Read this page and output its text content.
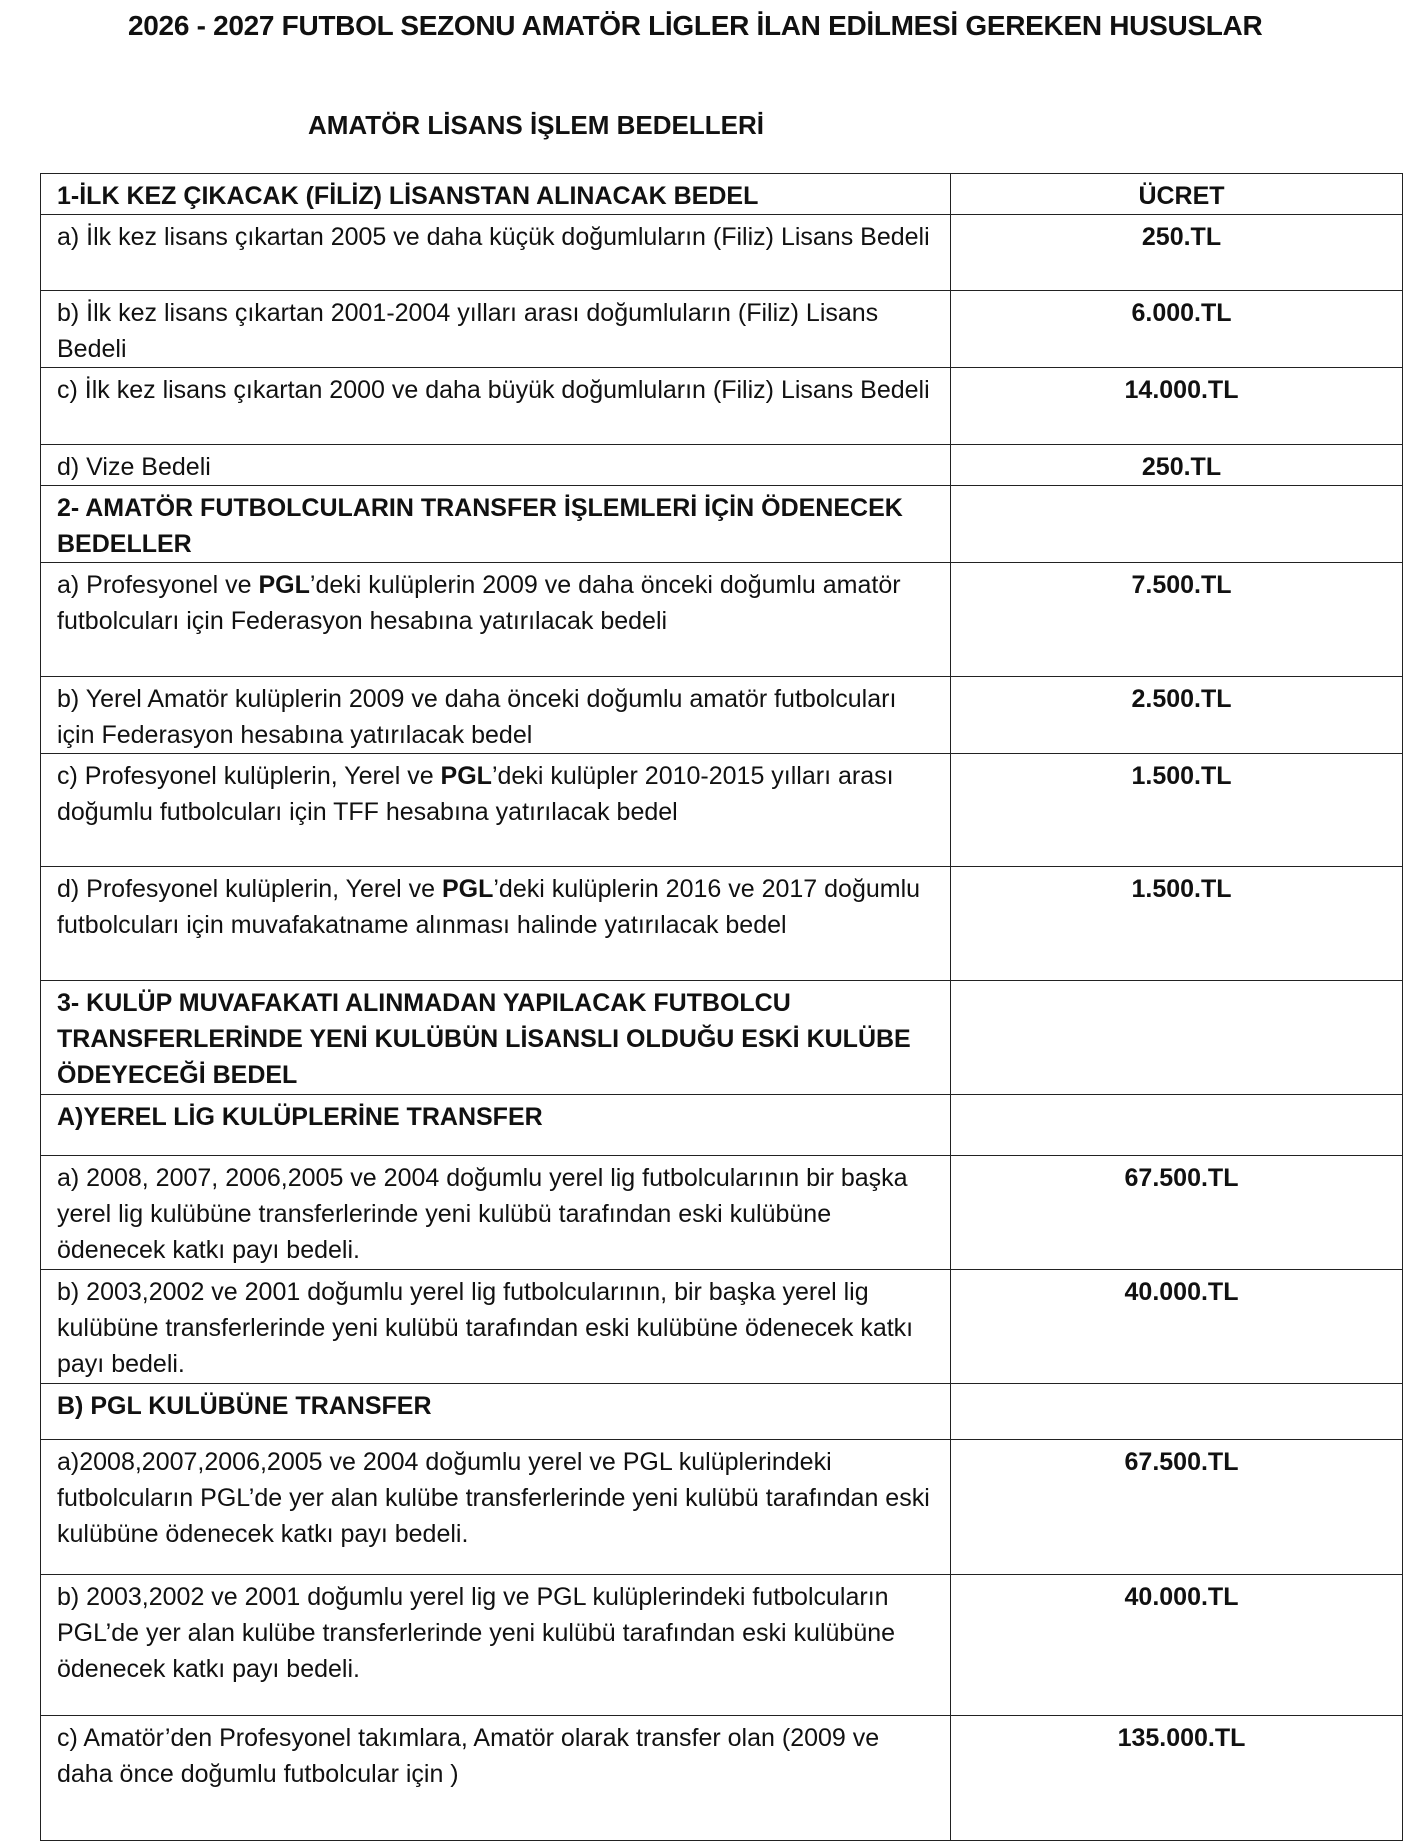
2026 - 2027 FUTBOL SEZONU AMATÖR LİGLER İLAN EDİLMESİ GEREKEN HUSUSLAR
AMATÖR LİSANS İŞLEM BEDELLERİ
1-İLK KEZ ÇIKACAK (FİLİZ) LİSANSTAN ALINACAK BEDEL	ÜCRET
a) İlk kez lisans çıkartan 2005 ve daha küçük doğumluların (Filiz) Lisans Bedeli	250.TL
b) İlk kez lisans çıkartan 2001-2004 yılları arası doğumluların (Filiz) Lisans Bedeli	6.000.TL
c) İlk kez lisans çıkartan 2000 ve daha büyük doğumluların (Filiz) Lisans Bedeli	14.000.TL
d) Vize Bedeli	250.TL
2- AMATÖR FUTBOLCULARIN TRANSFER İŞLEMLERİ İÇİN ÖDENECEK BEDELLER	
a) Profesyonel ve PGL’deki kulüplerin 2009 ve daha önceki doğumlu amatör futbolcuları için Federasyon hesabına yatırılacak bedeli	7.500.TL
b) Yerel Amatör kulüplerin 2009 ve daha önceki doğumlu amatör futbolcuları için Federasyon hesabına yatırılacak bedel	2.500.TL
c) Profesyonel kulüplerin, Yerel ve PGL’deki kulüpler 2010-2015 yılları arası doğumlu futbolcuları için TFF hesabına yatırılacak bedel	1.500.TL
d) Profesyonel kulüplerin, Yerel ve PGL’deki kulüplerin 2016 ve 2017 doğumlu futbolcuları için muvafakatname alınması halinde yatırılacak bedel	1.500.TL
3- KULÜP MUVAFAKATI ALINMADAN YAPILACAK FUTBOLCU TRANSFERLERİNDE YENİ KULÜBÜN LİSANSLI OLDUĞU ESKİ KULÜBE ÖDEYECEĞİ BEDEL	
A)YEREL LİG KULÜPLERİNE TRANSFER	
a) 2008, 2007, 2006,2005 ve 2004 doğumlu yerel lig futbolcularının bir başka yerel lig kulübüne transferlerinde yeni kulübü tarafından eski kulübüne ödenecek katkı payı bedeli.	67.500.TL
b) 2003,2002 ve 2001 doğumlu yerel lig futbolcularının, bir başka yerel lig kulübüne transferlerinde yeni kulübü tarafından eski kulübüne ödenecek katkı payı bedeli.	40.000.TL
B) PGL KULÜBÜNE TRANSFER	
a)2008,2007,2006,2005 ve 2004 doğumlu yerel ve PGL kulüplerindeki futbolcuların PGL’de yer alan kulübe transferlerinde yeni kulübü tarafından eski kulübüne ödenecek katkı payı bedeli.	67.500.TL
b) 2003,2002 ve 2001 doğumlu yerel lig ve PGL kulüplerindeki futbolcuların PGL’de yer alan kulübe transferlerinde yeni kulübü tarafından eski kulübüne ödenecek katkı payı bedeli.	40.000.TL
c) Amatör’den Profesyonel takımlara, Amatör olarak transfer olan (2009 ve daha önce doğumlu futbolcular için )	135.000.TL
